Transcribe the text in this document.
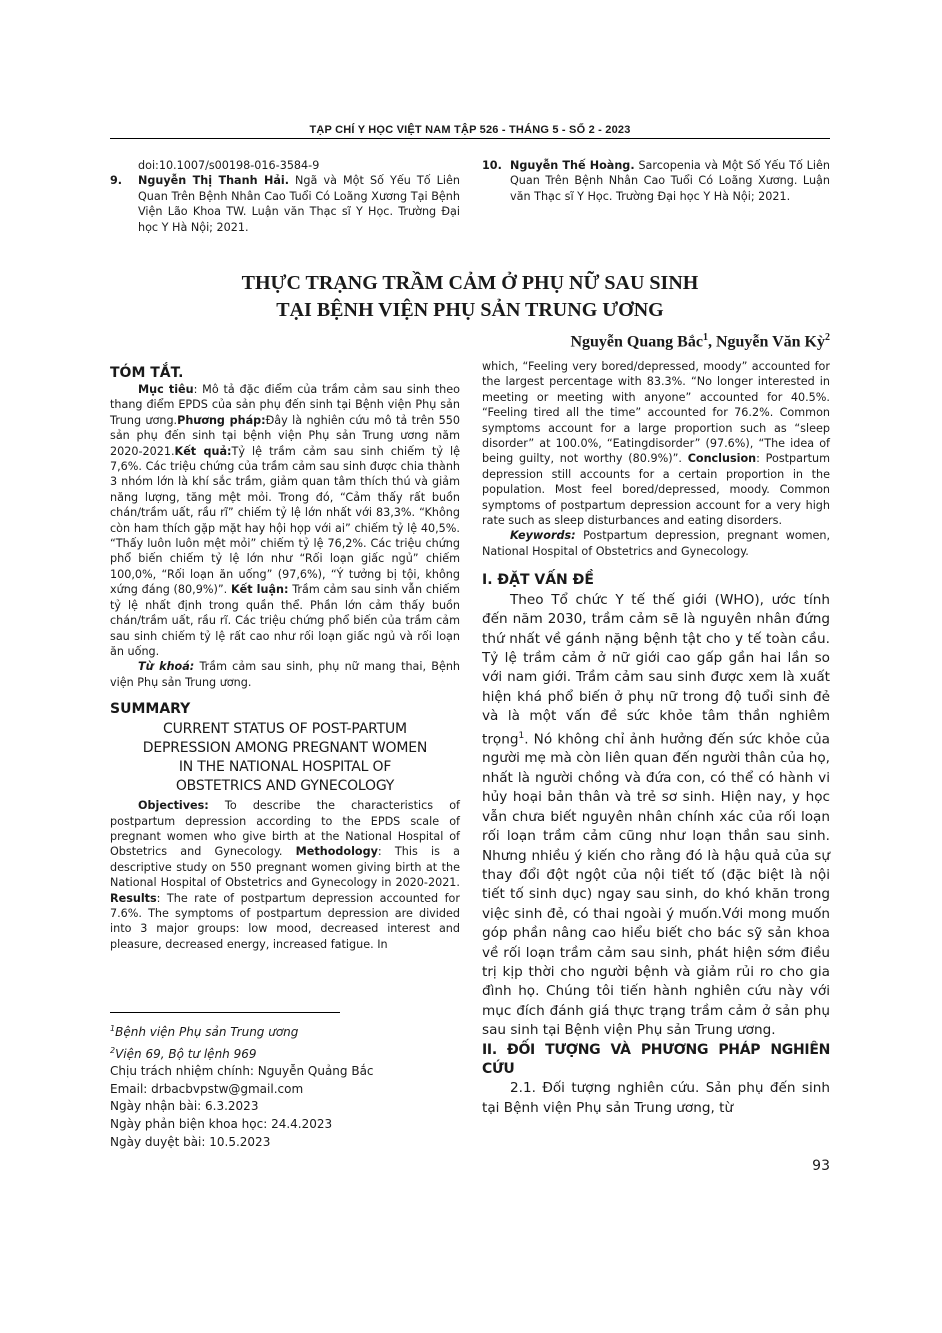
TẠP CHÍ Y HỌC VIỆT NAM TẬP 526 - THÁNG 5 - SỐ 2 - 2023

doi:10.1007/s00198-016-3584-9

9. Nguyễn Thị Thanh Hải. Ngã và Một Số Yếu Tố Liên Quan Trên Bệnh Nhân Cao Tuổi Có Loãng Xương Tại Bệnh Viện Lão Khoa TW. Luận văn Thạc sĩ Y Học. Trường Đại học Y Hà Nội; 2021.

10. Nguyễn Thế Hoàng. Sarcopenia và Một Số Yếu Tố Liên Quan Trên Bệnh Nhân Cao Tuổi Có Loãng Xương. Luận văn Thạc sĩ Y Học. Trường Đại học Y Hà Nội; 2021.

THỰC TRẠNG TRẦM CẢM Ở PHỤ NỮ SAU SINH
TẠI BỆNH VIỆN PHỤ SẢN TRUNG ƯƠNG
Nguyễn Quang Bắc$^1$, Nguyễn Văn Kỳ$^2$

TÓM TẮT.

Mục tiêu: Mô tả đặc điểm của trầm cảm sau sinh theo thang điểm EPDS của sản phụ đến sinh tại Bệnh viện Phụ sản Trung ương.Phương pháp:Đây là nghiên cứu mô tả trên 550 sản phụ đến sinh tại bệnh viện Phụ sản Trung ương năm 2020-2021.Kết quả:Tỷ lệ trầm cảm sau sinh chiếm tỷ lệ 7,6%. Các triệu chứng của trầm cảm sau sinh được chia thành 3 nhóm lớn là khí sắc trầm, giảm quan tâm thích thú và giảm năng lượng, tăng mệt mỏi. Trong đó, “Cảm thấy rất buồn chán/trầm uất, rầu rĩ” chiếm tỷ lệ lớn nhất với 83,3%. “Không còn ham thích gặp mặt hay hội họp với ai” chiếm tỷ lệ 40,5%. “Thấy luôn luôn mệt mỏi” chiếm tỷ lệ 76,2%. Các triệu chứng phổ biến chiếm tỷ lệ lớn như “Rối loạn giấc ngủ” chiếm 100,0%, “Rối loạn ăn uống” (97,6%), “Ý tưởng bị tội, không xứng đáng (80,9%)”. Kết luận: Trầm cảm sau sinh vẫn chiếm tỷ lệ nhất định trong quần thể. Phần lớn cảm thấy buồn chán/trầm uất, rầu rĩ. Các triệu chứng phổ biến của trầm cảm sau sinh chiếm tỷ lệ rất cao như rối loạn giấc ngủ và rối loạn ăn uống.

Từ khoá: Trầm cảm sau sinh, phụ nữ mang thai, Bệnh viện Phụ sản Trung ương.

SUMMARY

CURRENT STATUS OF POST-PARTUM
DEPRESSION AMONG PREGNANT WOMEN
IN THE NATIONAL HOSPITAL OF
OBSTETRICS AND GYNECOLOGY

Objectives: To describe the characteristics of postpartum depression according to the EPDS scale of pregnant women who give birth at the National Hospital of Obstetrics and Gynecology. Methodology: This is a descriptive study on 550 pregnant women giving birth at the National Hospital of Obstetrics and Gynecology in 2020-2021. Results: The rate of postpartum depression accounted for 7.6%. The symptoms of postpartum depression are divided into 3 major groups: low mood, decreased interest and pleasure, decreased energy, increased fatigue. In

which, “Feeling very bored/depressed, moody” accounted for the largest percentage with 83.3%. “No longer interested in meeting or meeting with anyone” accounted for 40.5%. “Feeling tired all the time” accounted for 76.2%. Common symptoms account for a large proportion such as “sleep disorder” at 100.0%, “Eatingdisorder” (97.6%), “The idea of being guilty, not worthy (80.9%)”. Conclusion: Postpartum depression still accounts for a certain proportion in the population. Most feel bored/depressed, moody. Common symptoms of postpartum depression account for a very high rate such as sleep disturbances and eating disorders.

Keywords: Postpartum depression, pregnant women, National Hospital of Obstetrics and Gynecology.

I. ĐẶT VẤN ĐỀ

Theo Tổ chức Y tế thế giới (WHO), ước tính đến năm 2030, trầm cảm sẽ là nguyên nhân đứng thứ nhất về gánh nặng bệnh tật cho y tế toàn cầu. Tỷ lệ trầm cảm ở nữ giới cao gấp gần hai lần so với nam giới. Trầm cảm sau sinh được xem là xuất hiện khá phổ biến ở phụ nữ trong độ tuổi sinh đẻ và là một vấn đề sức khỏe tâm thần nghiêm trọng$^1$. Nó không chỉ ảnh hưởng đến sức khỏe của người mẹ mà còn liên quan đến người thân của họ, nhất là người chồng và đứa con, có thể có hành vi hủy hoại bản thân và trẻ sơ sinh. Hiện nay, y học vẫn chưa biết nguyên nhân chính xác của rối loạn rối loạn trầm cảm cũng như loạn thần sau sinh. Nhưng nhiều ý kiến cho rằng đó là hậu quả của sự thay đổi đột ngột của nội tiết tố (đặc biệt là nội tiết tố sinh dục) ngay sau sinh, do khó khăn trong việc sinh đẻ, có thai ngoài ý muốn.Với mong muốn góp phần nâng cao hiểu biết cho bác sỹ sản khoa về rối loạn trầm cảm sau sinh, phát hiện sớm điều trị kịp thời cho người bệnh và giảm rủi ro cho gia đình họ. Chúng tôi tiến hành nghiên cứu này với mục đích đánh giá thực trạng trầm cảm ở sản phụ sau sinh tại Bệnh viện Phụ sản Trung ương.

II. ĐỐI TƯỢNG VÀ PHƯƠNG PHÁP NGHIÊN CỨU

2.1. Đối tượng nghiên cứu. Sản phụ đến sinh tại Bệnh viện Phụ sản Trung ương, từ

$^1$Bệnh viện Phụ sản Trung ương
$^2$Viện 69, Bộ tư lệnh 969
Chịu trách nhiệm chính: Nguyễn Quảng Bắc
Email: drbacbvpstw@gmail.com
Ngày nhận bài: 6.3.2023
Ngày phản biện khoa học: 24.4.2023
Ngày duyệt bài: 10.5.2023
93
